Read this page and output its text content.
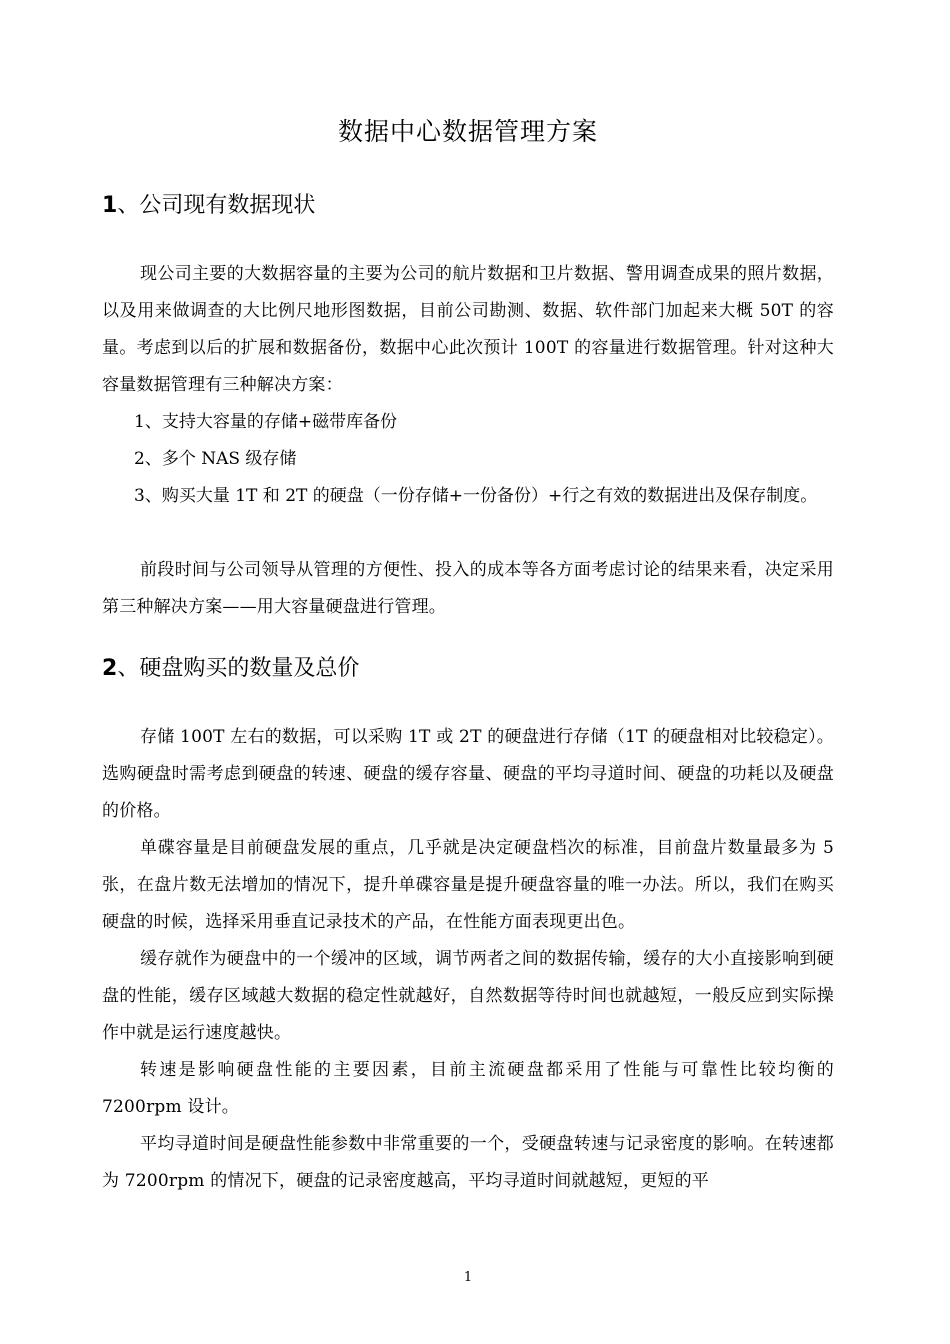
数据中心数据管理方案
1、公司现有数据现状

现公司主要的大数据容量的主要为公司的航片数据和卫片数据、警用调查成果的照片数据，以及用来做调查的大比例尺地形图数据，目前公司勘测、数据、软件部门加起来大概 50T 的容量。考虑到以后的扩展和数据备份，数据中心此次预计 100T 的容量进行数据管理。针对这种大容量数据管理有三种解决方案：

1、 支持大容量的存储+磁带库备份
2、 多个 NAS 级存储
3、 购买大量 1T 和 2T 的硬盘（一份存储+一份备份）+行之有效的数据进出及保存制度。

前段时间与公司领导从管理的方便性、投入的成本等各方面考虑讨论的结果来看，决定采用第三种解决方案——用大容量硬盘进行管理。

2、硬盘购买的数量及总价

存储 100T 左右的数据，可以采购 1T 或 2T 的硬盘进行存储（1T 的硬盘相对比较稳定）。选购硬盘时需考虑到硬盘的转速、硬盘的缓存容量、硬盘的平均寻道时间、硬盘的功耗以及硬盘的价格。

单碟容量是目前硬盘发展的重点，几乎就是决定硬盘档次的标准，目前盘片数量最多为 5 张，在盘片数无法增加的情况下，提升单碟容量是提升硬盘容量的唯一办法。所以，我们在购买硬盘的时候，选择采用垂直记录技术的产品，在性能方面表现更出色。

缓存就作为硬盘中的一个缓冲的区域，调节两者之间的数据传输，缓存的大小直接影响到硬盘的性能，缓存区域越大数据的稳定性就越好，自然数据等待时间也就越短，一般反应到实际操作中就是运行速度越快。

转速是影响硬盘性能的主要因素，目前主流硬盘都采用了性能与可靠性比较均衡的 7200rpm 设计。

平均寻道时间是硬盘性能参数中非常重要的一个，受硬盘转速与记录密度的影响。在转速都为 7200rpm 的情况下，硬盘的记录密度越高，平均寻道时间就越短，更短的平

1
